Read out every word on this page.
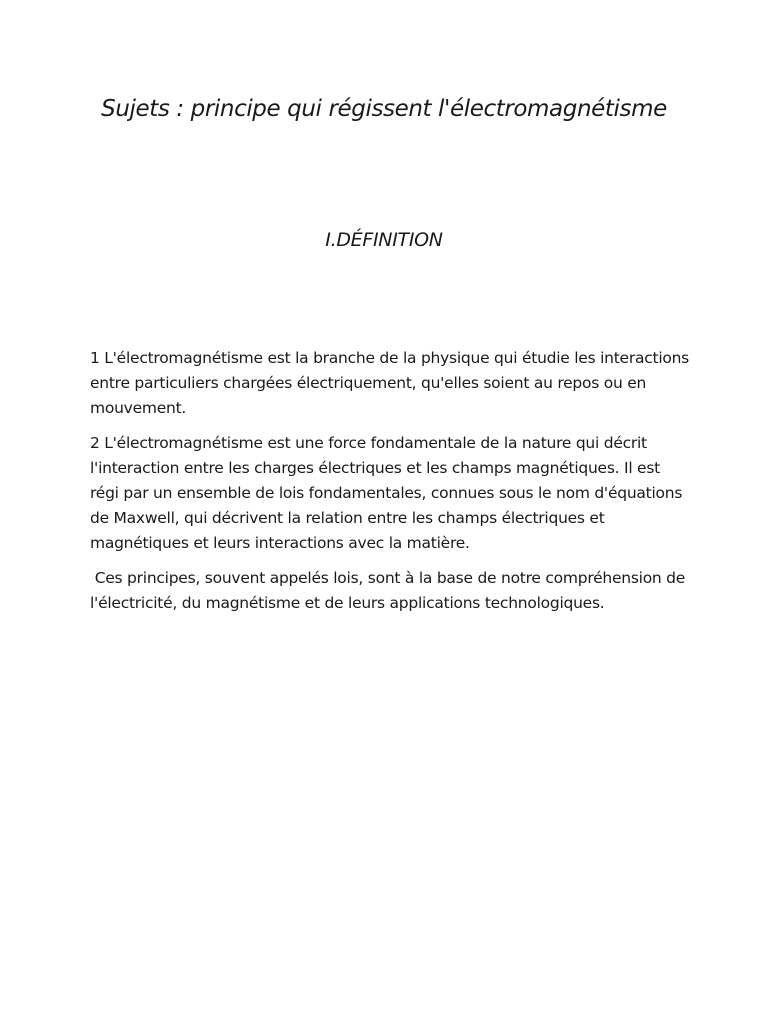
Sujets : principe qui régissent l'électromagnétisme
I.DÉFINITION

1 L'électromagnétisme est la branche de la physique qui étudie les interactions entre particuliers chargées électriquement, qu'elles soient au repos ou en mouvement.

2 L'électromagnétisme est une force fondamentale de la nature qui décrit l'interaction entre les charges électriques et les champs magnétiques. Il est régi par un ensemble de lois fondamentales, connues sous le nom d'équations de Maxwell, qui décrivent la relation entre les champs électriques et magnétiques et leurs interactions avec la matière.

Ces principes, souvent appelés lois, sont à la base de notre compréhension de l'électricité, du magnétisme et de leurs applications technologiques.
